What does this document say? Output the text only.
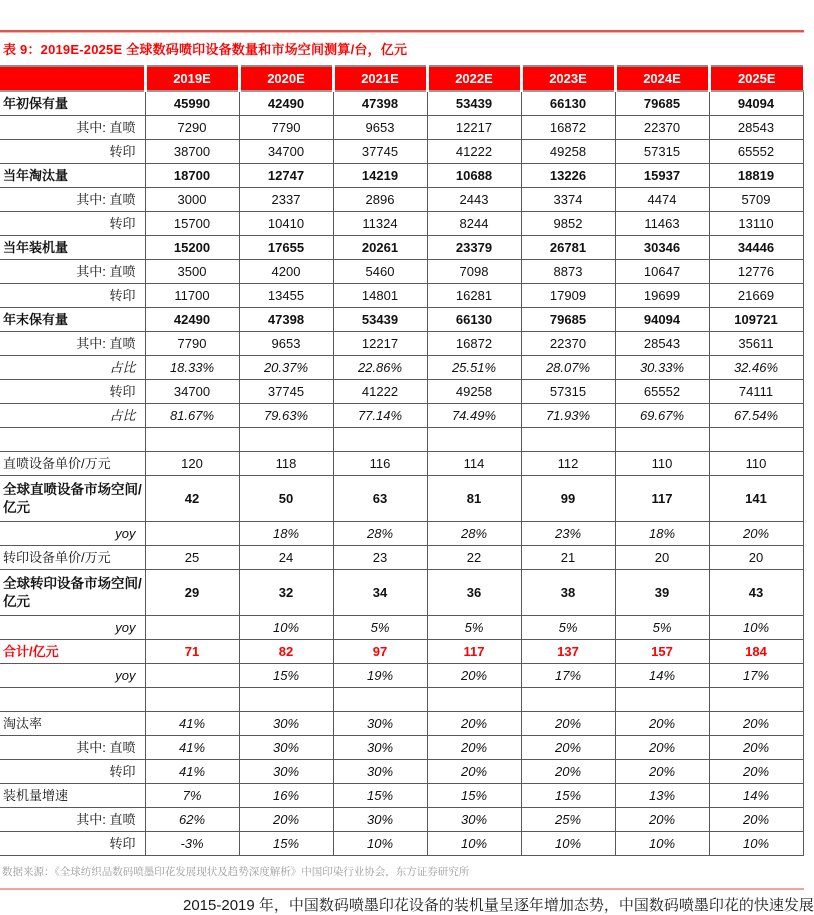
表 9：2019E-2025E 全球数码喷印设备数量和市场空间测算/台，亿元
	2019E	2020E	2021E	2022E	2023E	2024E	2025E
年初保有量	45990	42490	47398	53439	66130	79685	94094
其中: 直喷	7290	7790	9653	12217	16872	22370	28543
转印	38700	34700	37745	41222	49258	57315	65552
当年淘汰量	18700	12747	14219	10688	13226	15937	18819
其中: 直喷	3000	2337	2896	2443	3374	4474	5709
转印	15700	10410	11324	8244	9852	11463	13110
当年装机量	15200	17655	20261	23379	26781	30346	34446
其中: 直喷	3500	4200	5460	7098	8873	10647	12776
转印	11700	13455	14801	16281	17909	19699	21669
年末保有量	42490	47398	53439	66130	79685	94094	109721
其中: 直喷	7790	9653	12217	16872	22370	28543	35611
占比	18.33%	20.37%	22.86%	25.51%	28.07%	30.33%	32.46%
转印	34700	37745	41222	49258	57315	65552	74111
占比	81.67%	79.63%	77.14%	74.49%	71.93%	69.67%	67.54%

直喷设备单价/万元	120	118	116	114	112	110	110
全球直喷设备市场空间/亿元	42	50	63	81	99	117	141
yoy		18%	28%	28%	23%	18%	20%
转印设备单价/万元	25	24	23	22	21	20	20
全球转印设备市场空间/亿元	29	32	34	36	38	39	43
yoy		10%	5%	5%	5%	5%	10%
合计/亿元	71	82	97	117	137	157	184
yoy		15%	19%	20%	17%	14%	17%

淘汰率	41%	30%	30%	20%	20%	20%	20%
其中: 直喷	41%	30%	30%	20%	20%	20%	20%
转印	41%	30%	30%	20%	20%	20%	20%
装机量增速	7%	16%	15%	15%	15%	13%	14%
其中: 直喷	62%	20%	30%	30%	25%	20%	20%
转印	-3%	15%	10%	10%	10%	10%	10%
数据来源：《全球纺织品数码喷墨印花发展现状及趋势深度解析》中国印染行业协会，东方证券研究所
2015-2019 年，中国数码喷墨印花设备的装机量呈逐年增加态势，中国数码喷墨印花的快速发展
